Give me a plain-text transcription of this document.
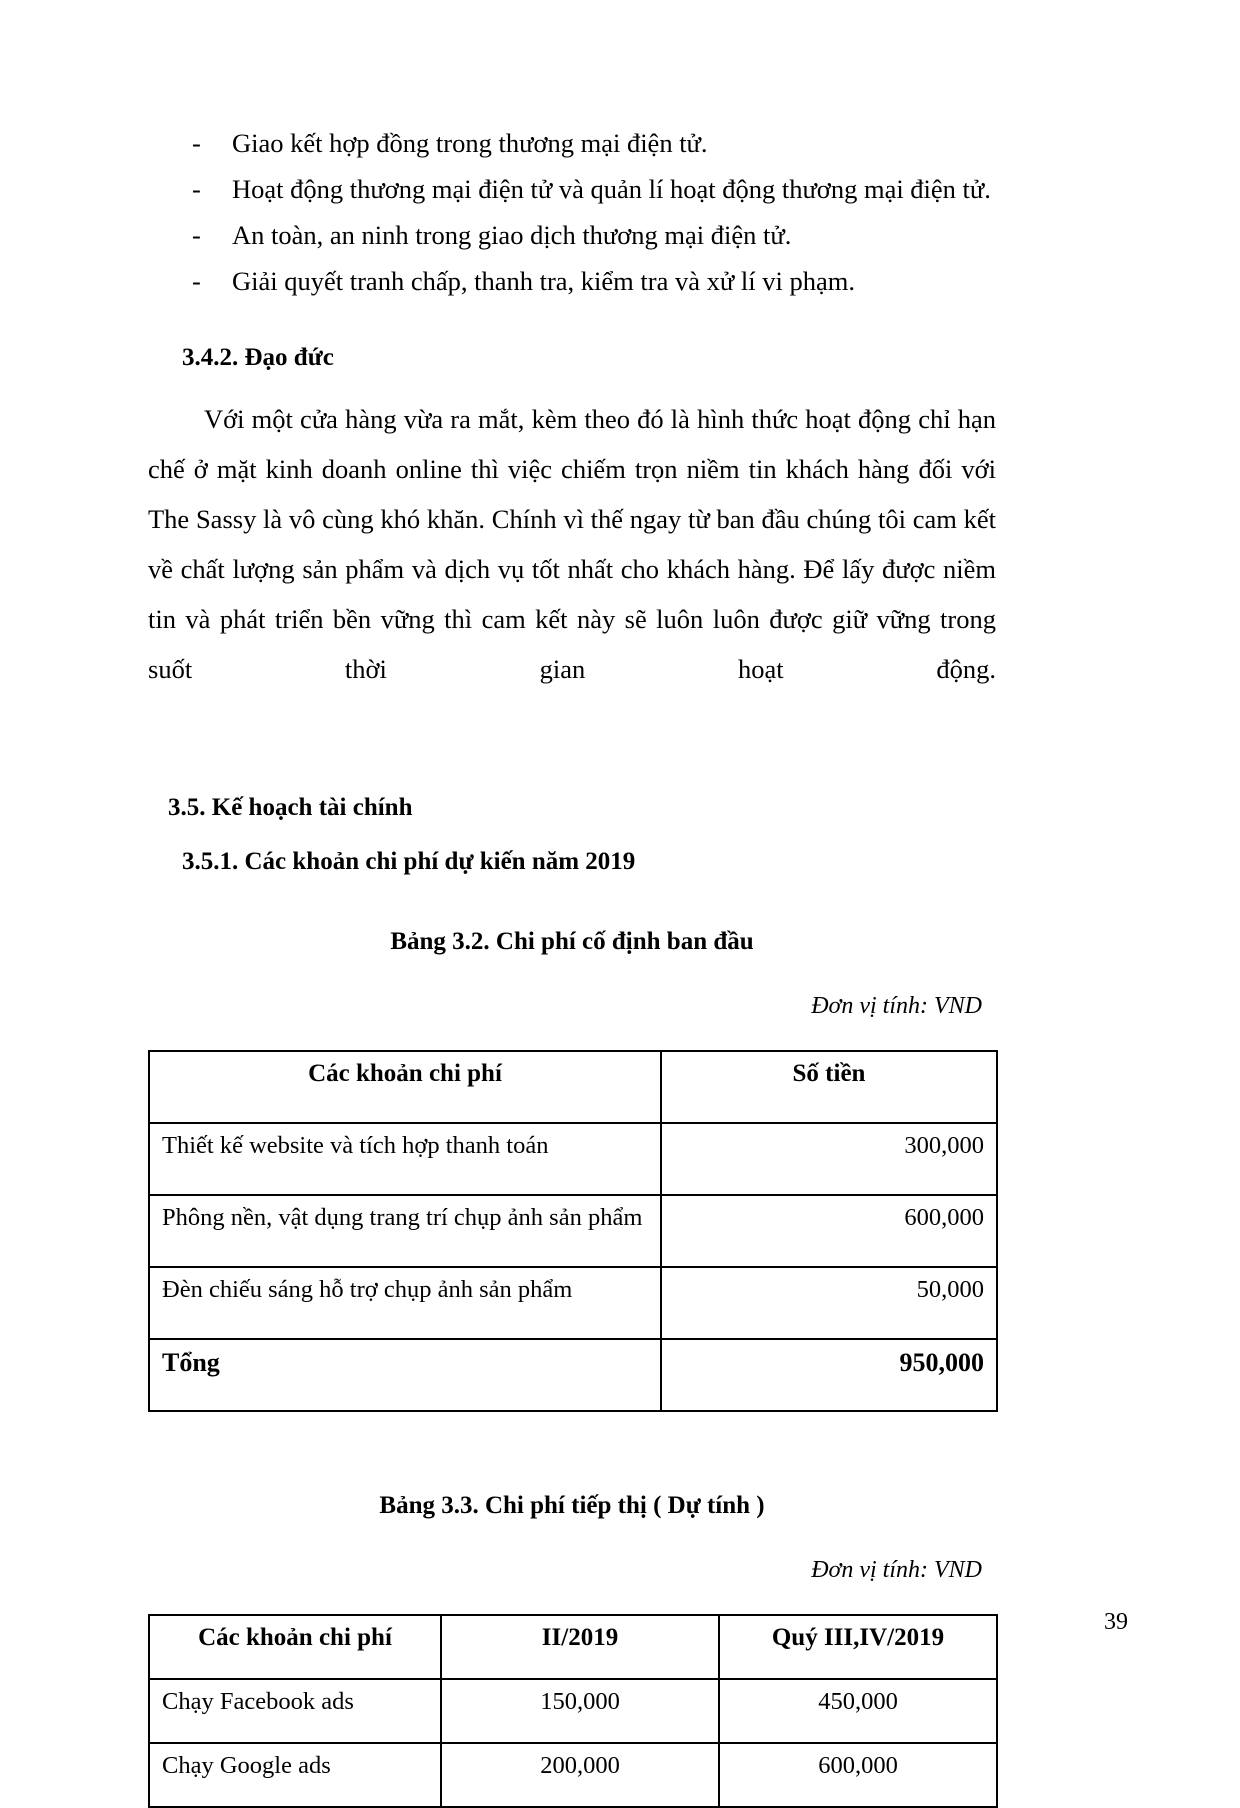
-	Giao kết hợp đồng trong thương mại điện tử.
-	Hoạt động thương mại điện tử và quản lí hoạt động thương mại điện tử.
-	An toàn, an ninh trong giao dịch thương mại điện tử.
-	Giải quyết tranh chấp, thanh tra, kiểm tra và xử lí vi phạm.
3.4.2. Đạo đức
Với một cửa hàng vừa ra mắt, kèm theo đó là hình thức hoạt động chỉ hạn chế ở mặt kinh doanh online thì việc chiếm trọn niềm tin khách hàng đối với The Sassy là vô cùng khó khăn. Chính vì thế ngay từ ban đầu chúng tôi cam kết về chất lượng sản phẩm và dịch vụ tốt nhất cho khách hàng. Để lấy được niềm tin và phát triển bền vững thì cam kết này sẽ luôn luôn được giữ vững trong suốt thời gian hoạt động.
3.5. Kế hoạch tài chính
3.5.1. Các khoản chi phí dự kiến năm 2019
Bảng 3.2. Chi phí cố định ban đầu
Đơn vị tính: VND
Các khoản chi phí	Số tiền
Thiết kế website và tích hợp thanh toán	300,000
Phông nền, vật dụng trang trí chụp ảnh sản phẩm	600,000
Đèn chiếu sáng hỗ trợ chụp ảnh sản phẩm	50,000
Tổng	950,000
Bảng 3.3. Chi phí tiếp thị ( Dự tính )
Đơn vị tính: VND
Các khoản chi phí	II/2019	Quý III,IV/2019
Chạy Facebook ads	150,000	450,000
Chạy Google ads	200,000	600,000
39
